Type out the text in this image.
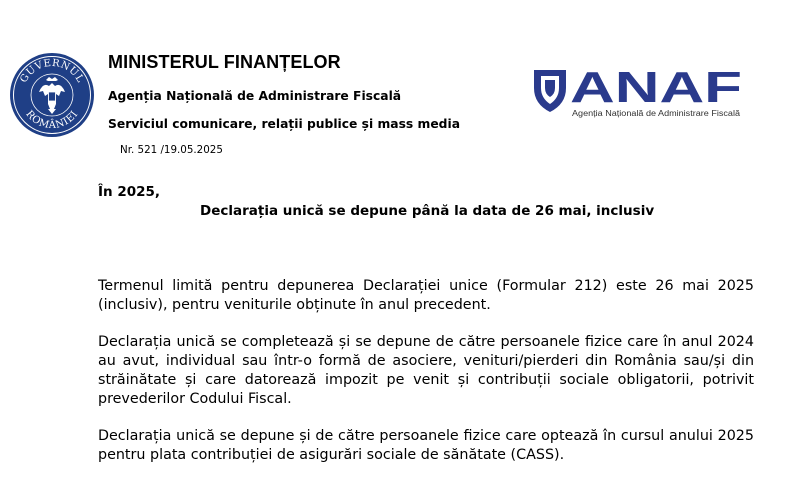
GUVERNUL
ROMÂNIEI

MINISTERUL FINANȚELOR

Agenția Națională de Administrare Fiscală

Serviciul comunicare, relații publice și mass media

Nr. 521 /19.05.2025

ANAF
Agenția Națională de Administrare Fiscală

În 2025,

Declarația unică se depune până la data de 26 mai, inclusiv

Termenul limită pentru depunerea Declarației unice (Formular 212) este 26 mai 2025 (inclusiv), pentru veniturile obținute în anul precedent.

Declarația unică se completează și se depune de către persoanele fizice care în anul 2024 au avut, individual sau într-o formă de asociere, venituri/pierderi din România sau/și din străinătate și care datorează impozit pe venit și contribuții sociale obligatorii, potrivit prevederilor Codului Fiscal.

Declarația unică se depune și de către persoanele fizice care optează în cursul anului 2025 pentru plata contribuției de asigurări sociale de sănătate (CASS).
